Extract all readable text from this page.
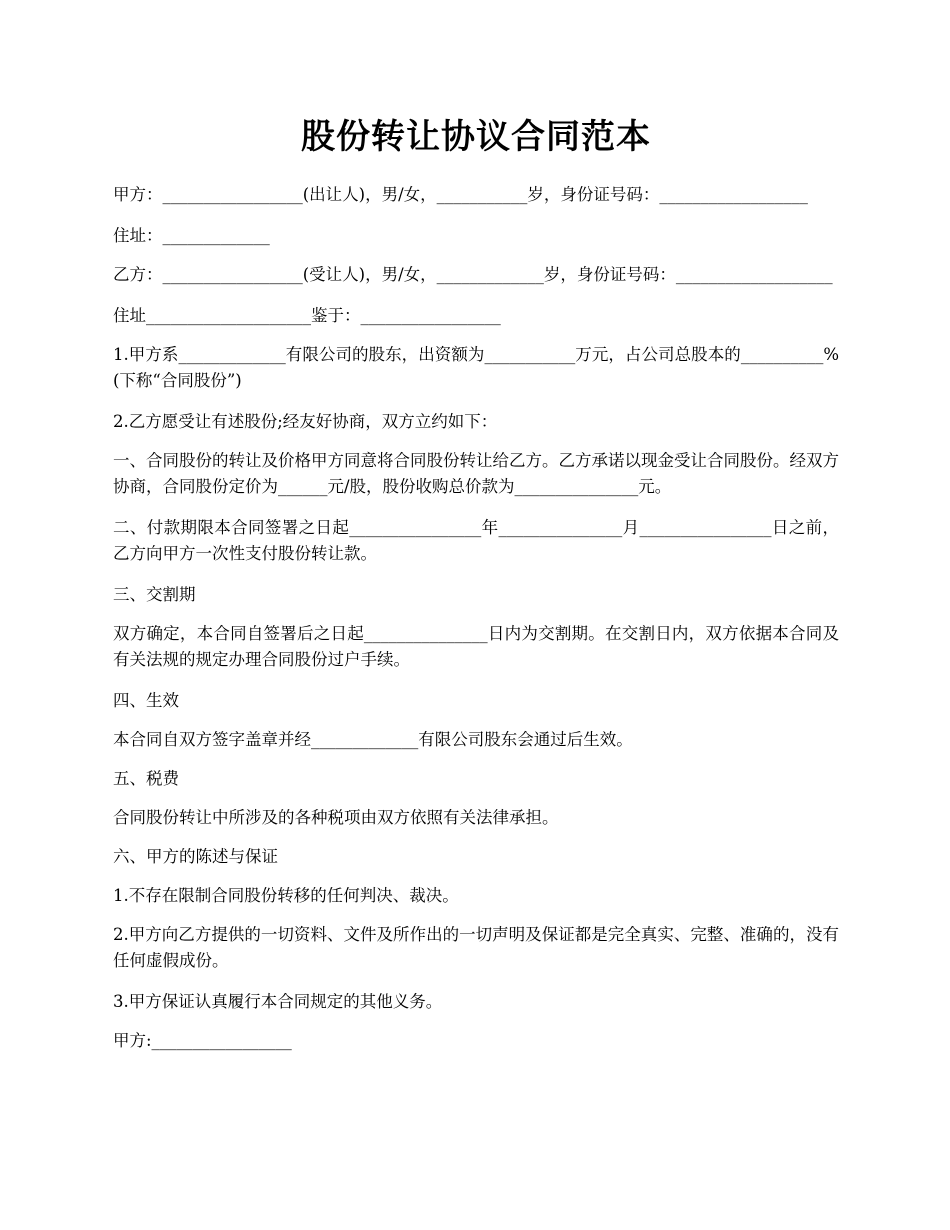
股份转让协议合同范本

甲方：_________________(出让人)，男/女，___________岁，身份证号码：__________________

住址：_____________

乙方：_________________(受让人)，男/女，_____________岁，身份证号码：___________________

住址____________________鉴于：_________________

1.甲方系_____________有限公司的股东，出资额为___________万元，占公司总股本的__________%(下称“合同股份”)

2.乙方愿受让有述股份;经友好协商，双方立约如下：

一、合同股份的转让及价格甲方同意将合同股份转让给乙方。乙方承诺以现金受让合同股份。经双方协商，合同股份定价为______元/股，股份收购总价款为_______________元。

二、付款期限本合同签署之日起________________年_______________月________________日之前，乙方向甲方一次性支付股份转让款。

三、交割期

双方确定，本合同自签署后之日起_______________日内为交割期。在交割日内，双方依据本合同及有关法规的规定办理合同股份过户手续。

四、生效

本合同自双方签字盖章并经_____________有限公司股东会通过后生效。

五、税费

合同股份转让中所涉及的各种税项由双方依照有关法律承担。

六、甲方的陈述与保证

1.不存在限制合同股份转移的任何判决、裁决。

2.甲方向乙方提供的一切资料、文件及所作出的一切声明及保证都是完全真实、完整、准确的，没有任何虚假成份。

3.甲方保证认真履行本合同规定的其他义务。

甲方:_________________
